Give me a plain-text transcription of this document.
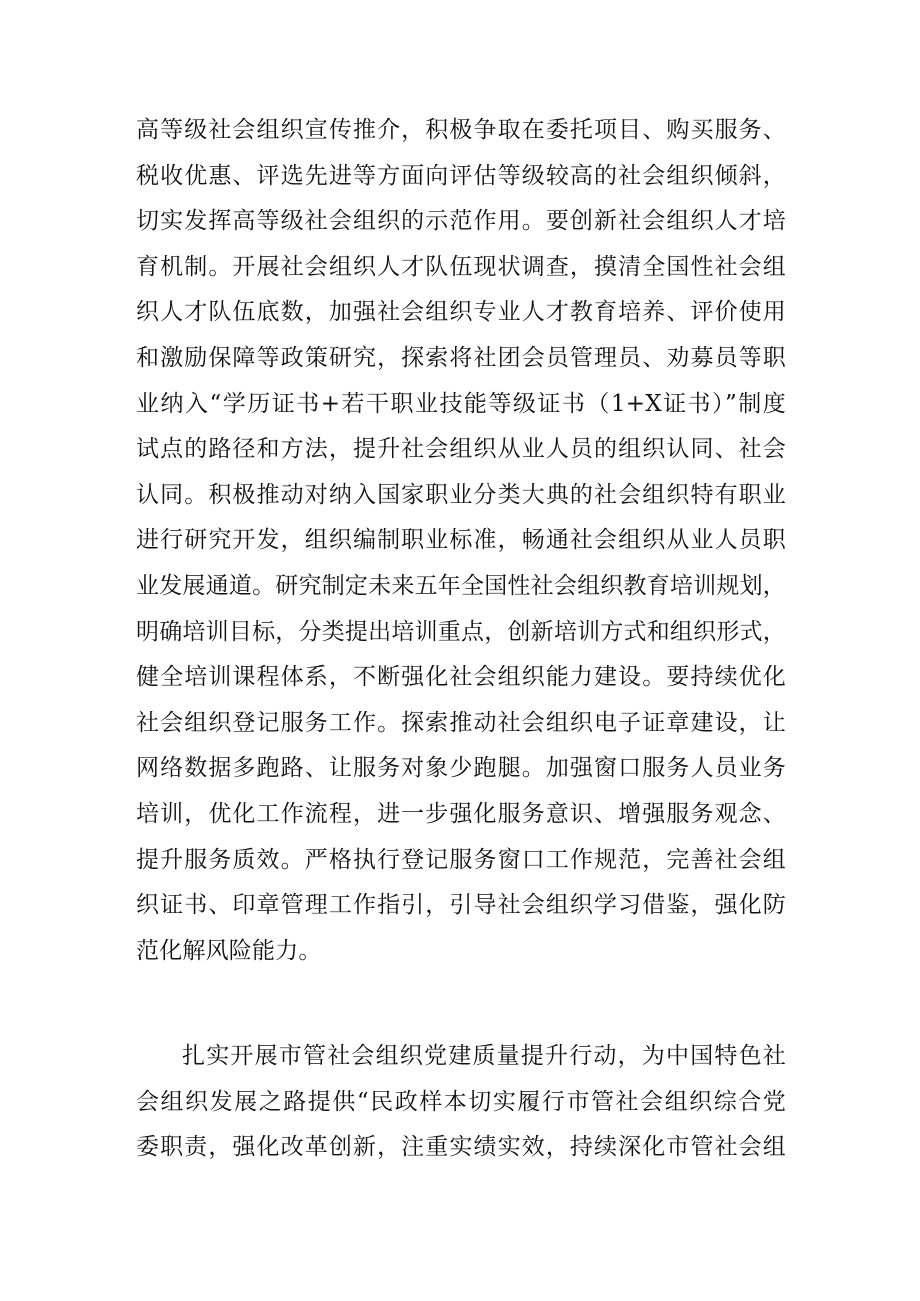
高等级社会组织宣传推介，积极争取在委托项目、购买服务、
税收优惠、评选先进等方面向评估等级较高的社会组织倾斜，
切实发挥高等级社会组织的示范作用。要创新社会组织人才培
育机制。开展社会组织人才队伍现状调查，摸清全国性社会组
织人才队伍底数，加强社会组织专业人才教育培养、评价使用
和激励保障等政策研究，探索将社团会员管理员、劝募员等职
业纳入“学历证书+若干职业技能等级证书（1+X证书）”制度
试点的路径和方法，提升社会组织从业人员的组织认同、社会
认同。积极推动对纳入国家职业分类大典的社会组织特有职业
进行研究开发，组织编制职业标准，畅通社会组织从业人员职
业发展通道。研究制定未来五年全国性社会组织教育培训规划，
明确培训目标，分类提出培训重点，创新培训方式和组织形式，
健全培训课程体系，不断强化社会组织能力建设。要持续优化
社会组织登记服务工作。探索推动社会组织电子证章建设，让
网络数据多跑路、让服务对象少跑腿。加强窗口服务人员业务
培训，优化工作流程，进一步强化服务意识、增强服务观念、
提升服务质效。严格执行登记服务窗口工作规范，完善社会组
织证书、印章管理工作指引，引导社会组织学习借鉴，强化防
范化解风险能力。
扎实开展市管社会组织党建质量提升行动，为中国特色社
会组织发展之路提供“民政样本切实履行市管社会组织综合党
委职责，强化改革创新，注重实绩实效，持续深化市管社会组
